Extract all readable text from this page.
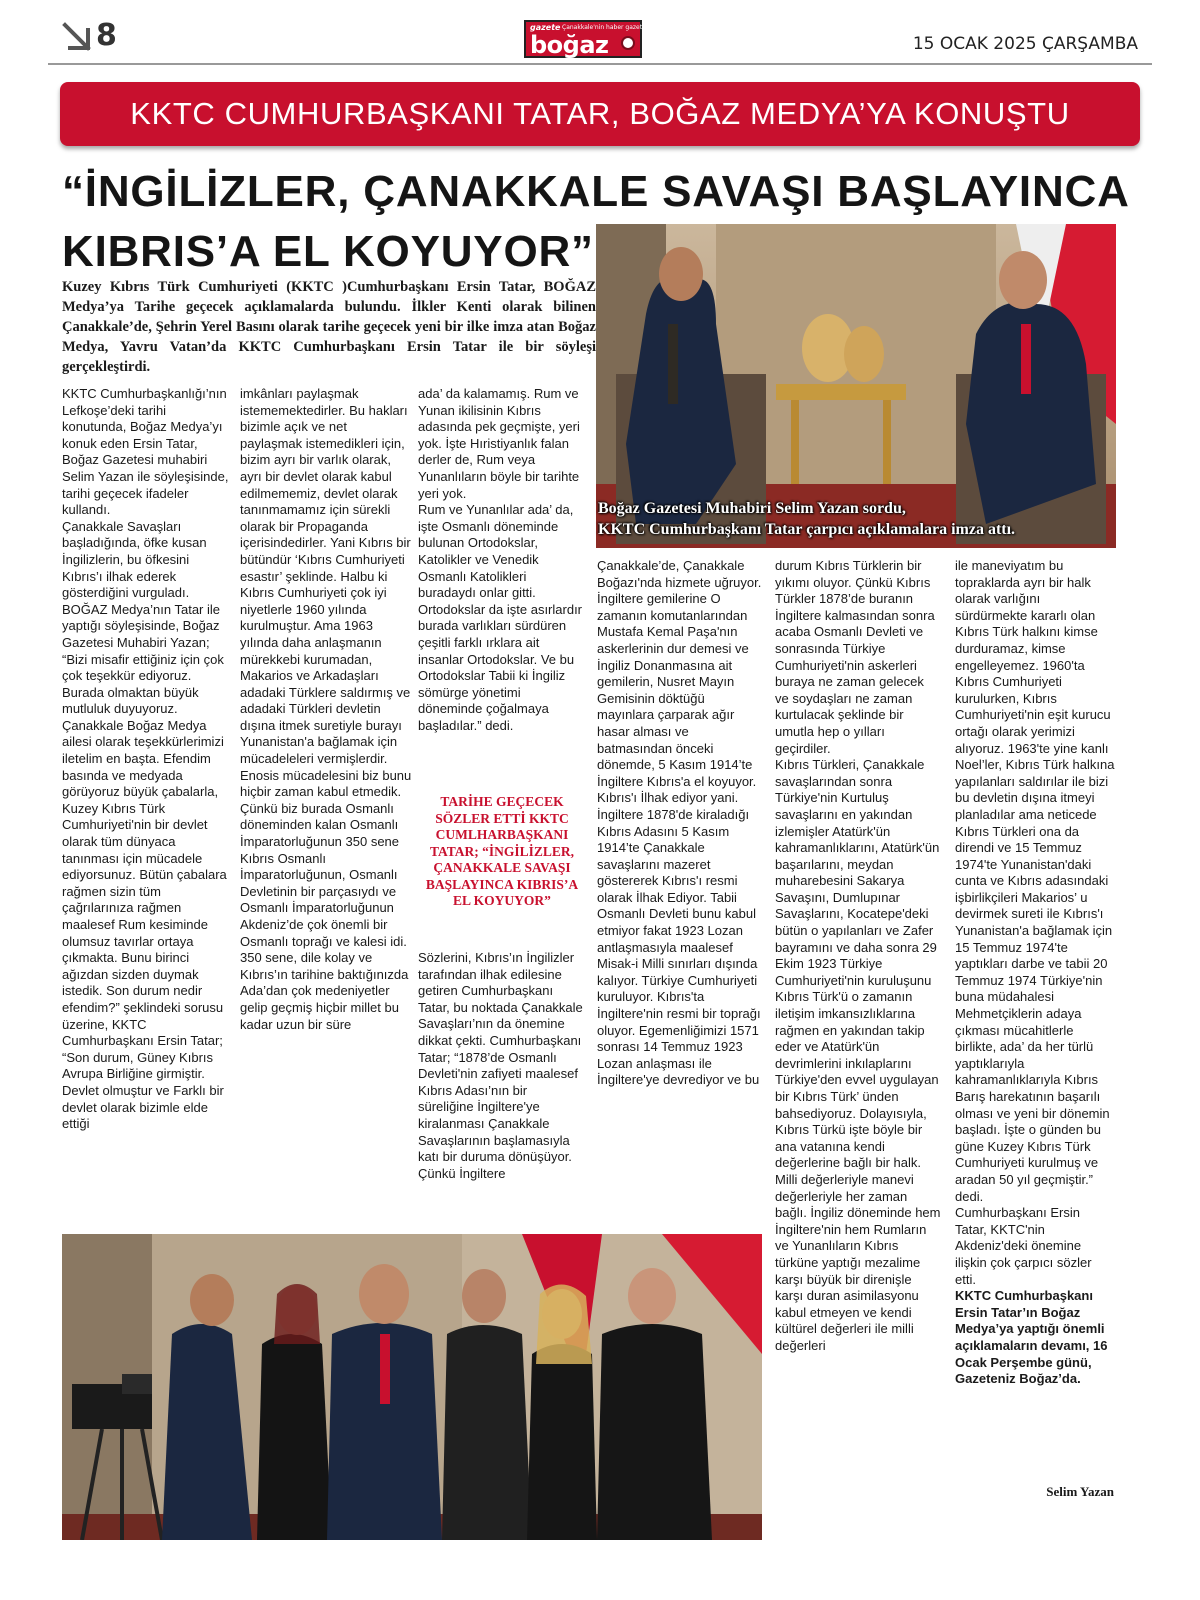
8	gazete Çanakkale'nin haber gazetesi
boğaz	15 OCAK 2025 ÇARŞAMBA
KKTC CUMHURBAŞKANI TATAR, BOĞAZ MEDYA’YA KONUŞTU
“İNGİLİZLER, ÇANAKKALE SAVAŞI BAŞLAYINCA
KIBRIS’A EL KOYUYOR”
Kuzey Kıbrıs Türk Cumhuriyeti (KKTC )Cumhurbaşkanı Ersin Tatar, BOĞAZ Medya’ya Tarihe geçecek açıklamalarda bulundu. İlkler Kenti olarak bilinen Çanakkale’de, Şehrin Yerel Basını olarak tarihe geçecek yeni bir ilke imza atan Boğaz Medya, Yavru Vatan’da KKTC Cumhurbaşkanı Ersin Tatar ile bir söyleşi gerçekleştirdi.
Boğaz Gazetesi Muhabiri Selim Yazan sordu,
KKTC Cumhurbaşkanı Tatar çarpıcı açıklamalara imza attı.

KKTC Cumhurbaşkanlığı’nın Lefkoşe’deki tarihi konutunda, Boğaz Medya’yı konuk eden Ersin Tatar, Boğaz Gazetesi muhabiri Selim Yazan ile söyleşisinde, tarihi geçecek ifadeler kullandı.

Çanakkale Savaşları başladığında, öfke kusan İngilizlerin, bu öfkesini Kıbrıs’ı ilhak ederek gösterdiğini vurguladı.

BOĞAZ Medya’nın Tatar ile yaptığı söyleşisinde, Boğaz Gazetesi Muhabiri Yazan; “Bizi misafir ettiğiniz için çok çok teşekkür ediyoruz. Burada olmaktan büyük mutluluk duyuyoruz. Çanakkale Boğaz Medya ailesi olarak teşekkürlerimizi iletelim en başta. Efendim basında ve medyada görüyoruz büyük çabalarla, Kuzey Kıbrıs Türk Cumhuriyeti'nin bir devlet olarak tüm dünyaca tanınması için mücadele ediyorsunuz. Bütün çabalara rağmen sizin tüm çağrılarınıza rağmen maalesef Rum kesiminde olumsuz tavırlar ortaya çıkmakta. Bunu birinci ağızdan sizden duymak istedik. Son durum nedir efendim?” şeklindeki sorusu üzerine, KKTC Cumhurbaşkanı Ersin Tatar; “Son durum, Güney Kıbrıs Avrupa Birliğine girmiştir. Devlet olmuştur ve Farklı bir devlet olarak bizimle elde ettiği

imkânları paylaşmak istememektedirler. Bu hakları bizimle açık ve net paylaşmak istemedikleri için, bizim ayrı bir varlık olarak, ayrı bir devlet olarak kabul edilmememiz, devlet olarak tanınmamamız için sürekli olarak bir Propaganda içerisindedirler. Yani Kıbrıs bir bütündür ‘Kıbrıs Cumhuriyeti esastır’ şeklinde. Halbu ki Kıbrıs Cumhuriyeti çok iyi niyetlerle 1960 yılında kurulmuştur. Ama 1963 yılında daha anlaşmanın mürekkebi kurumadan, Makarios ve Arkadaşları adadaki Türklere saldırmış ve adadaki Türkleri devletin dışına itmek suretiyle burayı Yunanistan'a bağlamak için mücadeleleri vermişlerdir.

Enosis mücadelesini biz bunu hiçbir zaman kabul etmedik. Çünkü biz burada Osmanlı döneminden kalan Osmanlı İmparatorluğunun 350 sene Kıbrıs Osmanlı İmparatorluğunun, Osmanlı Devletinin bir parçasıydı ve Osmanlı İmparatorluğunun Akdeniz’de çok önemli bir Osmanlı toprağı ve kalesi idi.

350 sene, dile kolay ve Kıbrıs’ın tarihine baktığınızda Ada’dan çok medeniyetler gelip geçmiş hiçbir millet bu kadar uzun bir süre

ada’ da kalamamış. Rum ve Yunan ikilisinin Kıbrıs adasında pek geçmişte, yeri yok. İşte Hıristiyanlık falan derler de, Rum veya Yunanlıların böyle bir tarihte yeri yok.

Rum ve Yunanlılar ada’ da, işte Osmanlı döneminde bulunan Ortodokslar, Katolikler ve Venedik Osmanlı Katolikleri buradaydı onlar gitti.

Ortodokslar da işte asırlardır burada varlıkları sürdüren çeşitli farklı ırklara ait insanlar Ortodokslar. Ve bu Ortodokslar Tabii ki İngiliz sömürge yönetimi döneminde çoğalmaya başladılar.” dedi.

TARİHE GEÇECEK SÖZLER ETTİ KKTC CUMLHARBAŞKANI TATAR; “İNGİLİZLER, ÇANAKKALE SAVAŞI BAŞLAYINCA KIBRIS’A EL KOYUYOR”

Sözlerini, Kıbrıs’ın İngilizler tarafından ilhak edilesine getiren Cumhurbaşkanı Tatar, bu noktada Çanakkale Savaşları’nın da önemine dikkat çekti. Cumhurbaşkanı Tatar; “1878’de Osmanlı Devleti'nin zafiyeti maalesef Kıbrıs Adası’nın bir süreliğine İngiltere'ye kiralanması Çanakkale Savaşlarının başlamasıyla katı bir duruma dönüşüyor. Çünkü İngiltere

Çanakkale’de, Çanakkale Boğazı'nda hizmete uğruyor. İngiltere gemilerine O zamanın komutanlarından Mustafa Kemal Paşa'nın askerlerinin dur demesi ve İngiliz Donanmasına ait gemilerin, Nusret Mayın Gemisinin döktüğü mayınlara çarparak ağır hasar alması ve batmasından önceki dönemde, 5 Kasım 1914’te İngiltere Kıbrıs'a el koyuyor. Kıbrıs'ı İlhak ediyor yani. İngiltere 1878'de kiraladığı Kıbrıs Adasını 5 Kasım 1914’te Çanakkale savaşlarını mazeret göstererek Kıbrıs'ı resmi olarak İlhak Ediyor. Tabii Osmanlı Devleti bunu kabul etmiyor fakat 1923 Lozan antlaşmasıyla maalesef Misak-i Milli sınırları dışında kalıyor. Türkiye Cumhuriyeti kuruluyor. Kıbrıs'ta İngiltere'nin resmi bir toprağı oluyor. Egemenliğimizi 1571 sonrası 14 Temmuz 1923 Lozan anlaşması ile İngiltere'ye devrediyor ve bu

durum Kıbrıs Türklerin bir yıkımı oluyor. Çünkü Kıbrıs Türkler 1878’de buranın İngiltere kalmasından sonra acaba Osmanlı Devleti ve sonrasında Türkiye Cumhuriyeti'nin askerleri buraya ne zaman gelecek ve soydaşları ne zaman kurtulacak şeklinde bir umutla hep o yılları geçirdiler.

Kıbrıs Türkleri, Çanakkale savaşlarından sonra Türkiye'nin Kurtuluş savaşlarını en yakından izlemişler Atatürk'ün kahramanlıklarını, Atatürk'ün başarılarını, meydan muharebesini Sakarya Savaşını, Dumlupınar Savaşlarını, Kocatepe'deki bütün o yapılanları ve Zafer bayramını ve daha sonra 29 Ekim 1923 Türkiye Cumhuriyeti'nin kuruluşunu Kıbrıs Türk'ü o zamanın iletişim imkansızlıklarına rağmen en yakından takip eder ve Atatürk'ün devrimlerini inkılaplarını Türkiye'den evvel uygulayan bir Kıbrıs Türk’ ünden bahsediyoruz. Dolayısıyla, Kıbrıs Türkü işte böyle bir ana vatanına kendi değerlerine bağlı bir halk. Milli değerleriyle manevi değerleriyle her zaman bağlı. İngiliz döneminde hem İngiltere'nin hem Rumların ve Yunanlıların Kıbrıs türküne yaptığı mezalime karşı büyük bir direnişle karşı duran asimilasyonu kabul etmeyen ve kendi kültürel değerleri ile milli değerleri

ile maneviyatım bu topraklarda ayrı bir halk olarak varlığını sürdürmekte kararlı olan Kıbrıs Türk halkını kimse durduramaz, kimse engelleyemez. 1960'ta Kıbrıs Cumhuriyeti kurulurken, Kıbrıs Cumhuriyeti'nin eşit kurucu ortağı olarak yerimizi alıyoruz. 1963'te yine kanlı Noel’ler, Kıbrıs Türk halkına yapılanları saldırılar ile bizi bu devletin dışına itmeyi planladılar ama neticede Kıbrıs Türkleri ona da direndi ve 15 Temmuz 1974'te Yunanistan'daki cunta ve Kıbrıs adasındaki işbirlikçileri Makarios’ u devirmek sureti ile Kıbrıs'ı Yunanistan'a bağlamak için 15 Temmuz 1974'te yaptıkları darbe ve tabii 20 Temmuz 1974 Türkiye'nin buna müdahalesi Mehmetçiklerin adaya çıkması mücahitlerle birlikte, ada’ da her türlü yaptıklarıyla kahramanlıklarıyla Kıbrıs Barış harekatının başarılı olması ve yeni bir dönemin başladı. İşte o günden bu güne Kuzey Kıbrıs Türk Cumhuriyeti kurulmuş ve aradan 50 yıl geçmiştir.” dedi.

Cumhurbaşkanı Ersin Tatar, KKTC'nin Akdeniz'deki önemine ilişkin çok çarpıcı sözler etti.

KKTC Cumhurbaşkanı Ersin Tatar’ın Boğaz Medya’ya yaptığı önemli açıklamaların devamı, 16 Ocak Perşembe günü, Gazeteniz Boğaz’da.

Selim Yazan
